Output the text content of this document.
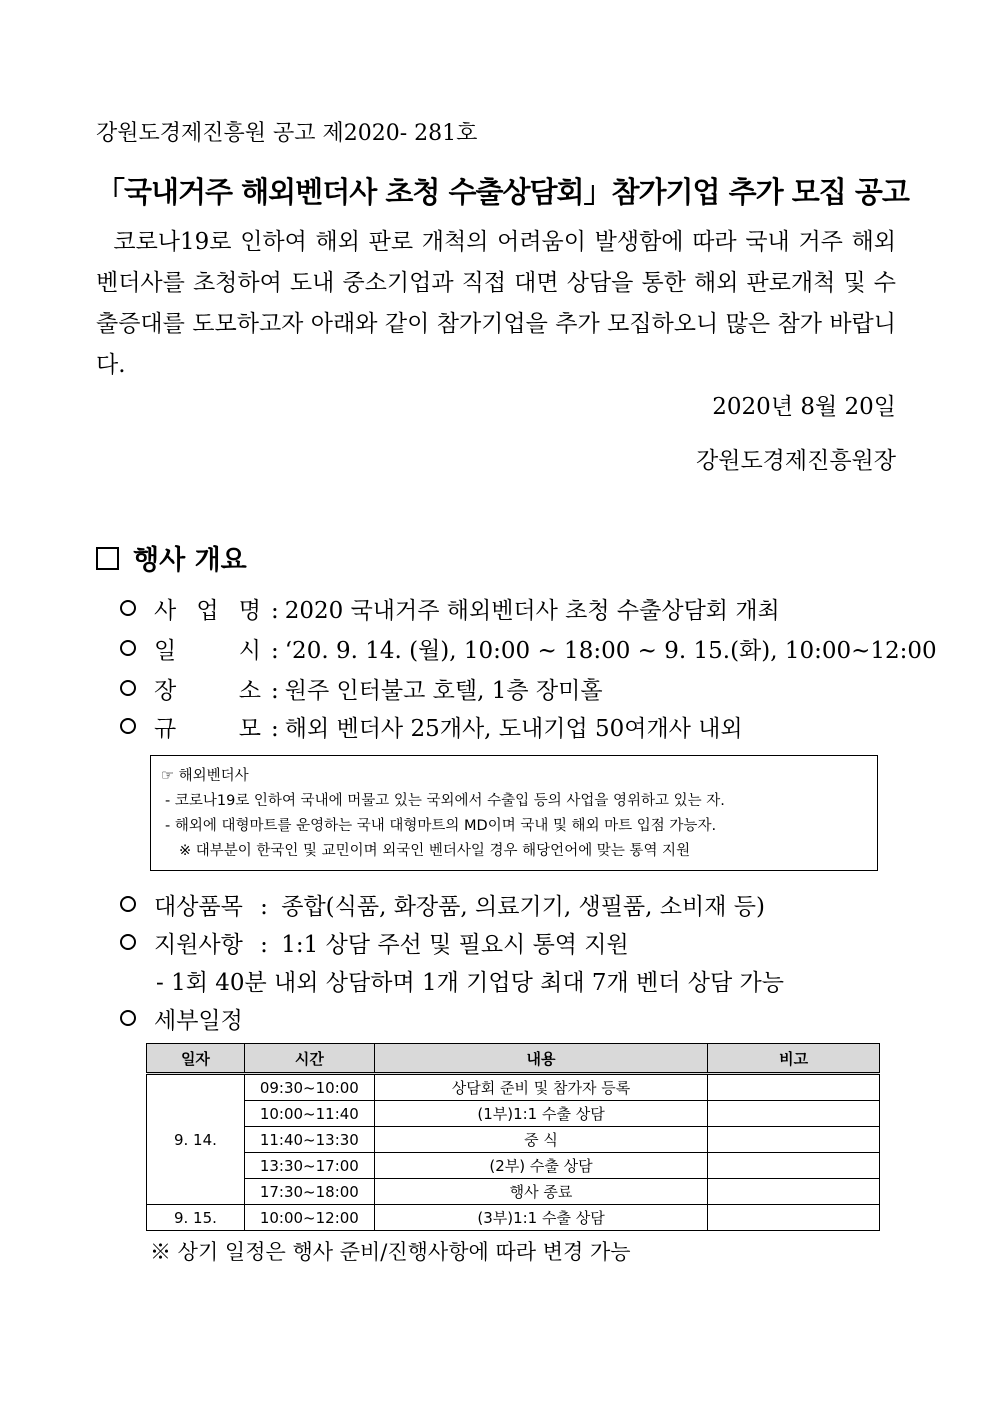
강원도경제진흥원 공고 제2020- 281호
「국내거주 해외벤더사 초청 수출상담회」참가기업 추가 모집 공고
코로나19로 인하여 해외 판로 개척의 어려움이 발생함에 따라 국내 거주 해외 벤더사를 초청하여 도내 중소기업과 직접 대면 상담을 통한 해외 판로개척 및 수출증대를 도모하고자 아래와 같이 참가기업을 추가 모집하오니 많은 참가 바랍니다.
2020년 8월 20일
강원도경제진흥원장
행사 개요
사 업 명 : 2020 국내거주 해외벤더사 초청 수출상담회 개최
일 시 : ‘20. 9. 14. (월), 10:00 ~ 18:00 ~ 9. 15.(화), 10:00~12:00
장 소 : 원주 인터불고 호텔, 1층 장미홀
규 모 : 해외 벤더사 25개사, 도내기업 50여개사 내외
☞ 해외벤더사
- 코로나19로 인하여 국내에 머물고 있는 국외에서 수출입 등의 사업을 영위하고 있는 자.
- 해외에 대형마트를 운영하는 국내 대형마트의 MD이며 국내 및 해외 마트 입점 가능자.
※ 대부분이 한국인 및 교민이며 외국인 벤더사일 경우 해당언어에 맞는 통역 지원
대상품목 : 종합(식품, 화장품, 의료기기, 생필품, 소비재 등)
지원사항 : 1:1 상담 주선 및 필요시 통역 지원
- 1회 40분 내외 상담하며 1개 기업당 최대 7개 벤더 상담 가능
세부일정
일자	시간	내용	비고
9. 14.	09:30~10:00	상담회 준비 및 참가자 등록	
	10:00~11:40	(1부)1:1 수출 상담	
	11:40~13:30	중 식	
	13:30~17:00	(2부) 수출 상담	
	17:30~18:00	행사 종료	
9. 15.	10:00~12:00	(3부)1:1 수출 상담	
※ 상기 일정은 행사 준비/진행사항에 따라 변경 가능
